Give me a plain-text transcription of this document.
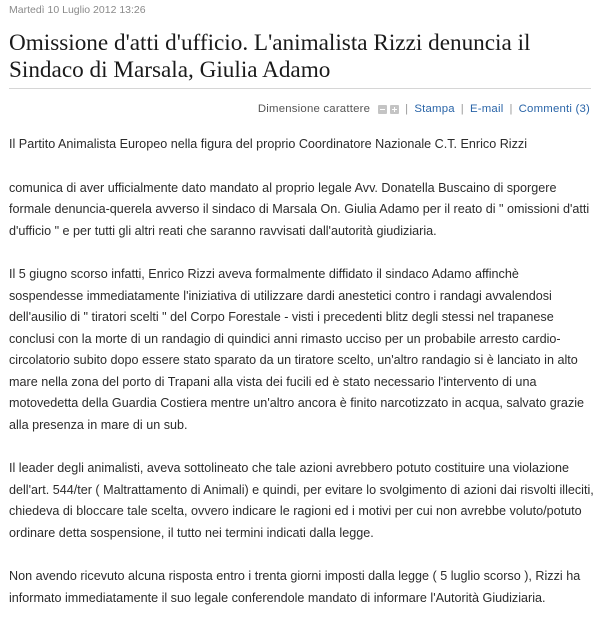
Martedì 10 Luglio 2012 13:26
Omissione d'atti d'ufficio. L'animalista Rizzi denuncia il Sindaco di Marsala, Giulia Adamo
Dimensione carattere	| Stampa | E-mail | Commenti (3)

Il Partito Animalista Europeo nella figura del proprio Coordinatore Nazionale C.T. Enrico Rizzi

comunica di aver ufficialmente dato mandato al proprio legale Avv. Donatella Buscaino di sporgere formale denuncia-querela avverso il sindaco di Marsala On. Giulia Adamo per il reato di " omissioni d'atti d'ufficio " e per tutti gli altri reati che saranno ravvisati dall'autorità giudiziaria.

Il 5 giugno scorso infatti, Enrico Rizzi aveva formalmente diffidato il sindaco Adamo affinchè sospendesse immediatamente l'iniziativa di utilizzare dardi anestetici contro i randagi avvalendosi dell'ausilio di " tiratori scelti " del Corpo Forestale - visti i precedenti blitz degli stessi nel trapanese conclusi con la morte di un randagio di quindici anni rimasto ucciso per un probabile arresto cardio-circolatorio subito dopo essere stato sparato da un tiratore scelto, un'altro randagio si è lanciato in alto mare nella zona del porto di Trapani alla vista dei fucili ed è stato necessario l'intervento di una motovedetta della Guardia Costiera mentre un'altro ancora è finito narcotizzato in acqua, salvato grazie alla presenza in mare di un sub.

Il leader degli animalisti, aveva sottolineato che tale azioni avrebbero potuto costituire una violazione dell'art. 544/ter ( Maltrattamento di Animali) e quindi, per evitare lo svolgimento di azioni dai risvolti illeciti, chiedeva di bloccare tale scelta, ovvero indicare le ragioni ed i motivi per cui non avrebbe voluto/potuto ordinare detta sospensione, il tutto nei termini indicati dalla legge.

Non avendo ricevuto alcuna risposta entro i trenta giorni imposti dalla legge ( 5 luglio scorso ), Rizzi ha informato immediatamente il suo legale conferendole mandato di informare l'Autorità Giudiziaria.
